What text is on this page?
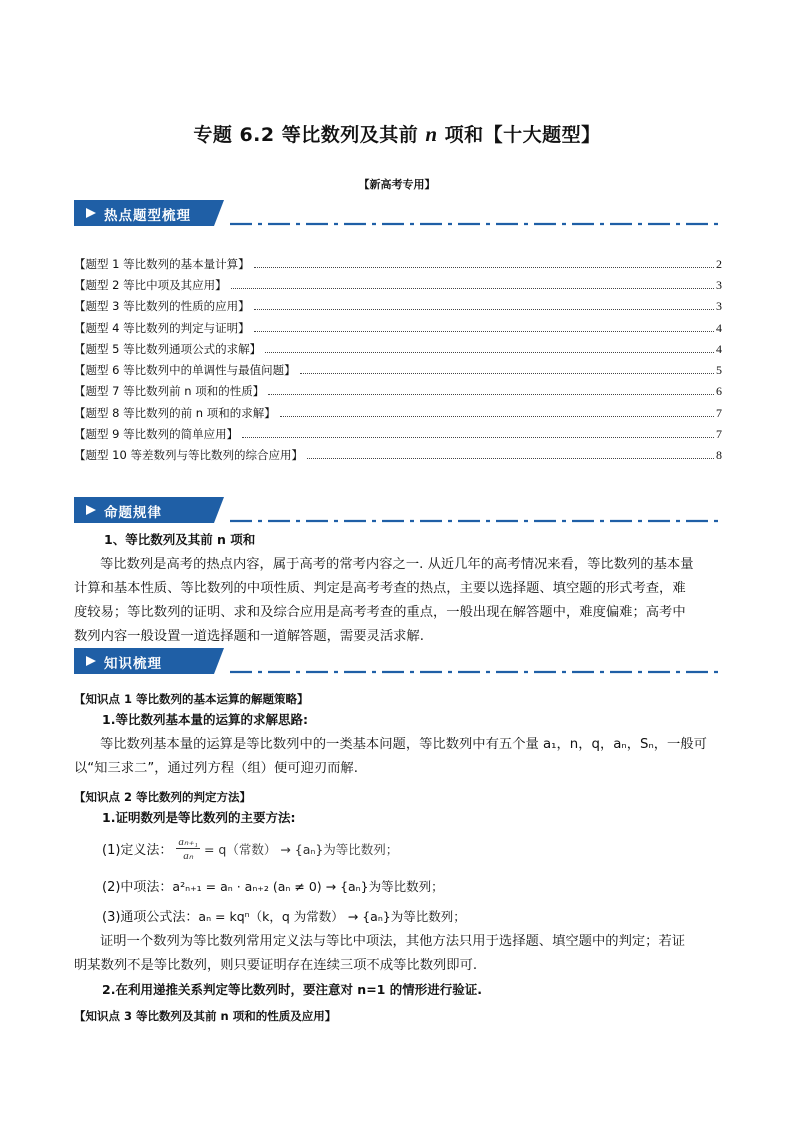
专题 6.2 等比数列及其前 n 项和【十大题型】
【新高考专用】
热点题型梳理
【题型 1 等比数列的基本量计算】	2
【题型 2 等比中项及其应用】	3
【题型 3 等比数列的性质的应用】	3
【题型 4 等比数列的判定与证明】	4
【题型 5 等比数列通项公式的求解】	4
【题型 6 等比数列中的单调性与最值问题】	5
【题型 7 等比数列前 n 项和的性质】	6
【题型 8 等比数列的前 n 项和的求解】	7
【题型 9 等比数列的简单应用】	7
【题型 10 等差数列与等比数列的综合应用】	8
命题规律
1、等比数列及其前 n 项和
等比数列是高考的热点内容，属于高考的常考内容之一. 从近几年的高考情况来看，等比数列的基本量
计算和基本性质、等比数列的中项性质、判定是高考考查的热点，主要以选择题、填空题的形式考查，难
度较易；等比数列的证明、求和及综合应用是高考考查的重点，一般出现在解答题中，难度偏难；高考中
数列内容一般设置一道选择题和一道解答题，需要灵活求解.
知识梳理
【知识点 1 等比数列的基本运算的解题策略】
1.等比数列基本量的运算的求解思路:
等比数列基本量的运算是等比数列中的一类基本问题，等比数列中有五个量 a₁，n，q，aₙ，Sₙ，一般可
以“知三求二”，通过列方程（组）便可迎刃而解.
【知识点 2 等比数列的判定方法】
1.证明数列是等比数列的主要方法:
(1)定义法： $\frac{\text{aₙ₊₁}}{\text{aₙ}} = q$（常数） → {aₙ}为等比数列；
(2)中项法：a²ₙ₊₁ = aₙ · aₙ₊₂ (aₙ ≠ 0) → {aₙ}为等比数列；
(3)通项公式法：aₙ = kqⁿ（k，q 为常数） → {aₙ}为等比数列；
证明一个数列为等比数列常用定义法与等比中项法，其他方法只用于选择题、填空题中的判定；若证
明某数列不是等比数列，则只要证明存在连续三项不成等比数列即可.
2.在利用递推关系判定等比数列时，要注意对 n=1 的情形进行验证.
【知识点 3 等比数列及其前 n 项和的性质及应用】
